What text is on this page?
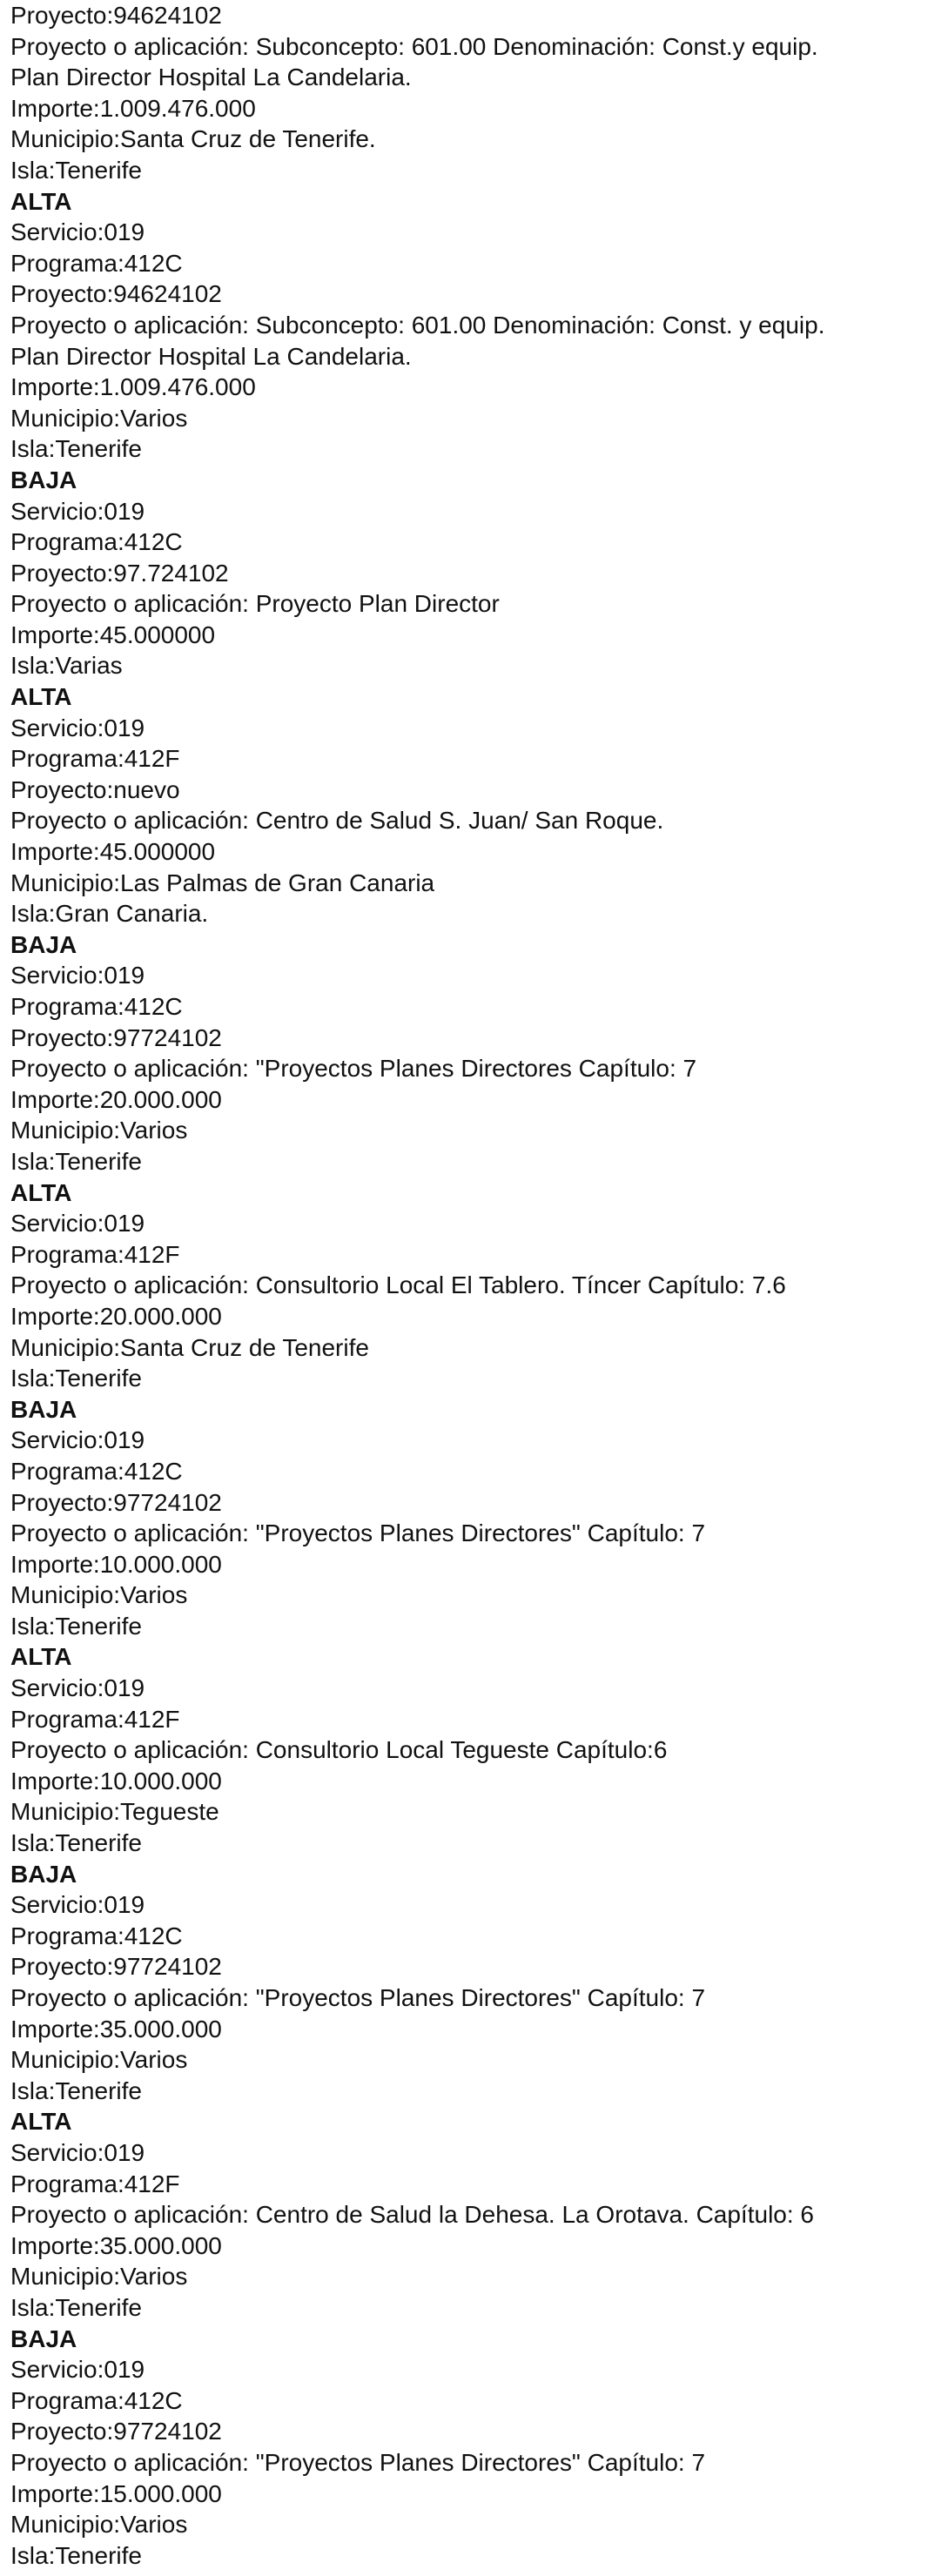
Proyecto:94624102
Proyecto o aplicación: Subconcepto: 601.00 Denominación: Const.y equip.
Plan Director Hospital La Candelaria.
Importe:1.009.476.000
Municipio:Santa Cruz de Tenerife.
Isla:Tenerife
ALTA
Servicio:019
Programa:412C
Proyecto:94624102
Proyecto o aplicación: Subconcepto: 601.00 Denominación: Const. y equip.
Plan Director Hospital La Candelaria.
Importe:1.009.476.000
Municipio:Varios
Isla:Tenerife
BAJA
Servicio:019
Programa:412C
Proyecto:97.724102
Proyecto o aplicación: Proyecto Plan Director
Importe:45.000000
Isla:Varias
ALTA
Servicio:019
Programa:412F
Proyecto:nuevo
Proyecto o aplicación: Centro de Salud S. Juan/ San Roque.
Importe:45.000000
Municipio:Las Palmas de Gran Canaria
Isla:Gran Canaria.
BAJA
Servicio:019
Programa:412C
Proyecto:97724102
Proyecto o aplicación: "Proyectos Planes Directores Capítulo: 7
Importe:20.000.000
Municipio:Varios
Isla:Tenerife
ALTA
Servicio:019
Programa:412F
Proyecto o aplicación: Consultorio Local El Tablero. Tíncer Capítulo: 7.6
Importe:20.000.000
Municipio:Santa Cruz de Tenerife
Isla:Tenerife
BAJA
Servicio:019
Programa:412C
Proyecto:97724102
Proyecto o aplicación: "Proyectos Planes Directores" Capítulo: 7
Importe:10.000.000
Municipio:Varios
Isla:Tenerife
ALTA
Servicio:019
Programa:412F
Proyecto o aplicación: Consultorio Local Tegueste Capítulo:6
Importe:10.000.000
Municipio:Tegueste
Isla:Tenerife
BAJA
Servicio:019
Programa:412C
Proyecto:97724102
Proyecto o aplicación: "Proyectos Planes Directores" Capítulo: 7
Importe:35.000.000
Municipio:Varios
Isla:Tenerife
ALTA
Servicio:019
Programa:412F
Proyecto o aplicación: Centro de Salud la Dehesa. La Orotava. Capítulo: 6
Importe:35.000.000
Municipio:Varios
Isla:Tenerife
BAJA
Servicio:019
Programa:412C
Proyecto:97724102
Proyecto o aplicación: "Proyectos Planes Directores" Capítulo: 7
Importe:15.000.000
Municipio:Varios
Isla:Tenerife
